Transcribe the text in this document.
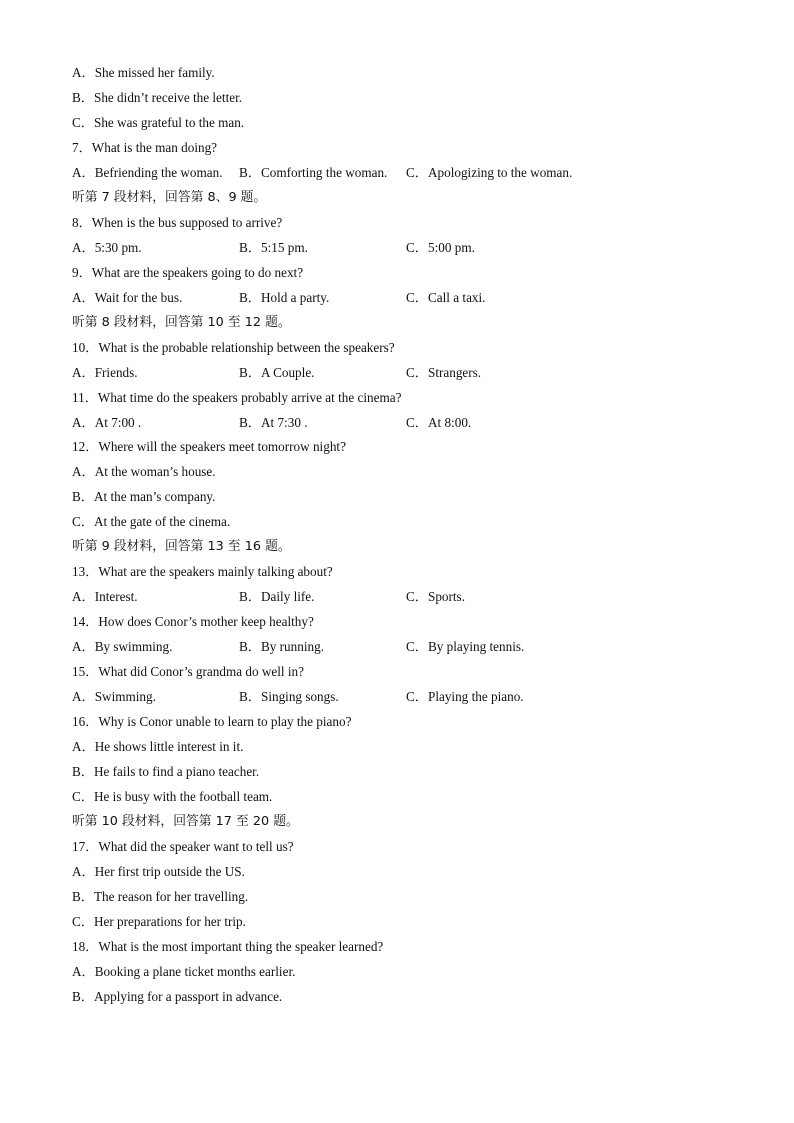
A．She missed her family.
B．She didn’t receive the letter.
C．She was grateful to the man.
7．What is the man doing?
A．Befriending the woman. B．Comforting the woman. C．Apologizing to the woman.
听第 7 段材料，回答第 8、9 题。
8．When is the bus supposed to arrive?
A．5:30 pm.	B．5:15 pm.	C．5:00 pm.
9．What are the speakers going to do next?
A．Wait for the bus.	B．Hold a party.	C．Call a taxi.
听第 8 段材料，回答第 10 至 12 题。
10．What is the probable relationship between the speakers?
A．Friends.	B．A Couple.	C．Strangers.
11．What time do the speakers probably arrive at the cinema?
A．At 7:00 .	B．At 7:30 .	C．At 8:00.
12．Where will the speakers meet tomorrow night?
A．At the woman’s house.
B．At the man’s company.
C．At the gate of the cinema.
听第 9 段材料，回答第 13 至 16 题。
13．What are the speakers mainly talking about?
A．Interest.	B．Daily life.	C．Sports.
14．How does Conor’s mother keep healthy?
A．By swimming.	B．By running.	C．By playing tennis.
15．What did Conor’s grandma do well in?
A．Swimming.	B．Singing songs.	C．Playing the piano.
16．Why is Conor unable to learn to play the piano?
A．He shows little interest in it.
B．He fails to find a piano teacher.
C．He is busy with the football team.
听第 10 段材料，回答第 17 至 20 题。
17．What did the speaker want to tell us?
A．Her first trip outside the US.
B．The reason for her travelling.
C．Her preparations for her trip.
18．What is the most important thing the speaker learned?
A．Booking a plane ticket months earlier.
B．Applying for a passport in advance.
